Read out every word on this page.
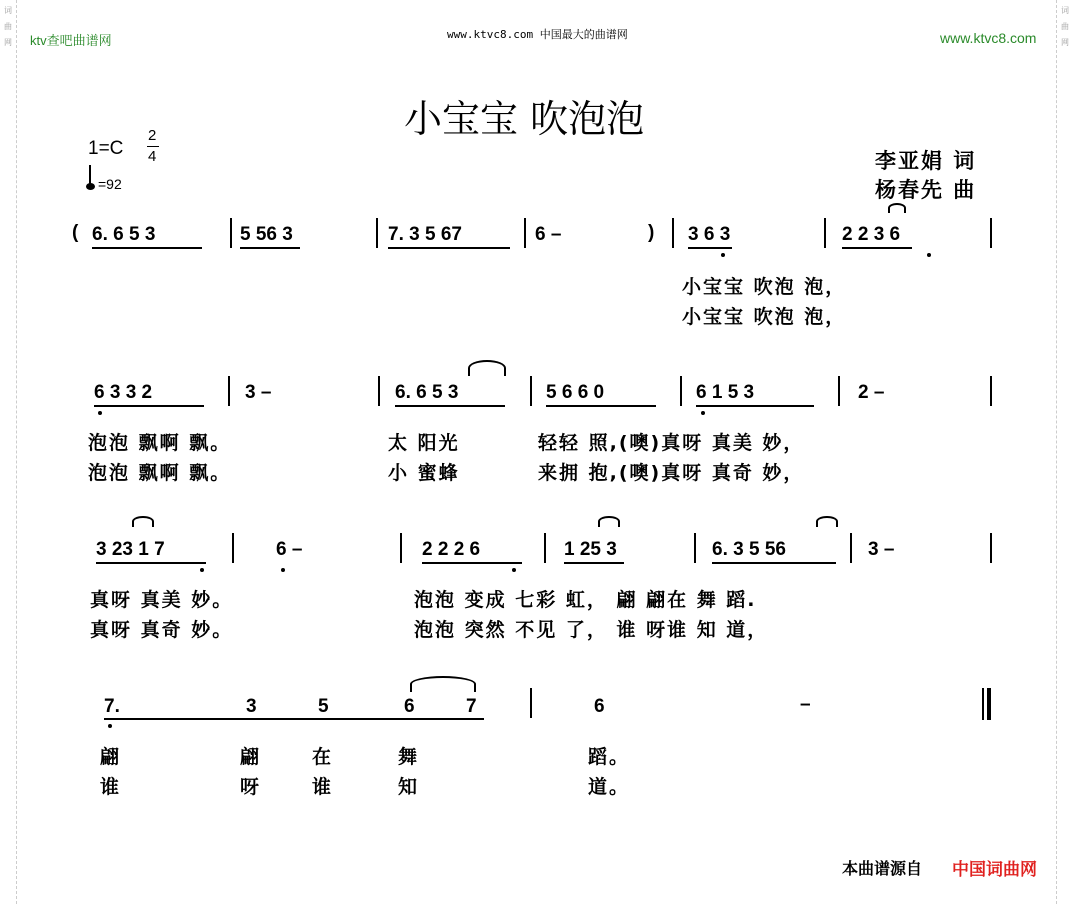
词
曲
网
词
曲
网
ktv查吧曲谱网	www.ktvc8.com 中国最大的曲谱网	www.ktvc8.com
小宝宝 吹泡泡
1=C
2
4
=92
李亚娟 词
杨春先 曲
( 6. 6 5 3	5 56 3	7. 3 5 67	6 –	) 3 6 3	2 2 3 6
小宝宝 吹泡 泡，
小宝宝 吹泡 泡，
6 3 3 2	3 –	6. 6 5 3	5 6 6 0	6 1 5 3	2 –
泡泡 飘啊 飘。	太 阳光	轻轻 照,(噢)真呀 真美 妙，
泡泡 飘啊 飘。	小 蜜蜂	来拥 抱,(噢)真呀 真奇 妙，
3 23 1 7	6 –	2 2 2 6	1 25 3	6. 3 5 56	3 –
真呀 真美 妙。	泡泡 变成 七彩 虹， 翩 翩在 舞 蹈.
真呀 真奇 妙。	泡泡 突然 不见 了， 谁 呀谁 知 道，
7.	3	5	6	7	6	–
翩	翩	在	舞	蹈。
谁	呀	谁	知	道。
本曲谱源自 中国词曲网
